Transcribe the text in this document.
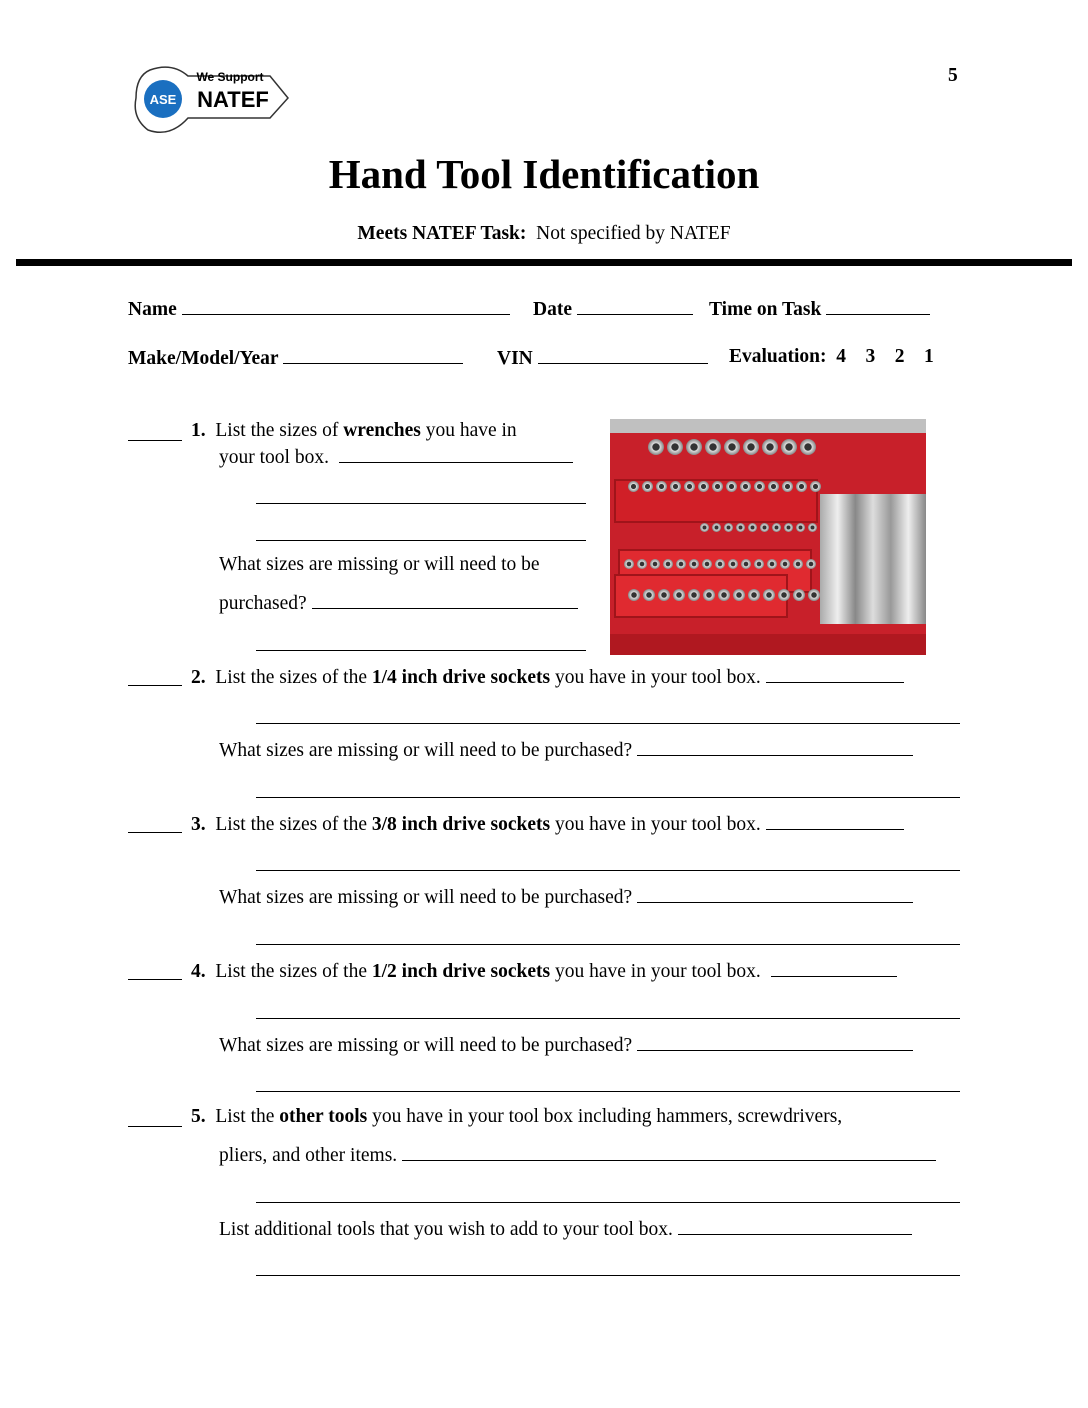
ASE
We Support
NATEF
5
Hand Tool Identification
Meets NATEF Task: Not specified by NATEF
Name	Date	Time on Task
Make/Model/Year	VIN	Evaluation: 4 3 2 1
1. List the sizes of wrenches you have in
your tool box.
What sizes are missing or will need to be
purchased?
2. List the sizes of the 1/4 inch drive sockets you have in your tool box.
What sizes are missing or will need to be purchased?
3. List the sizes of the 3/8 inch drive sockets you have in your tool box.
What sizes are missing or will need to be purchased?
4. List the sizes of the 1/2 inch drive sockets you have in your tool box.
What sizes are missing or will need to be purchased?
5. List the other tools you have in your tool box including hammers, screwdrivers,
pliers, and other items.
List additional tools that you wish to add to your tool box.
